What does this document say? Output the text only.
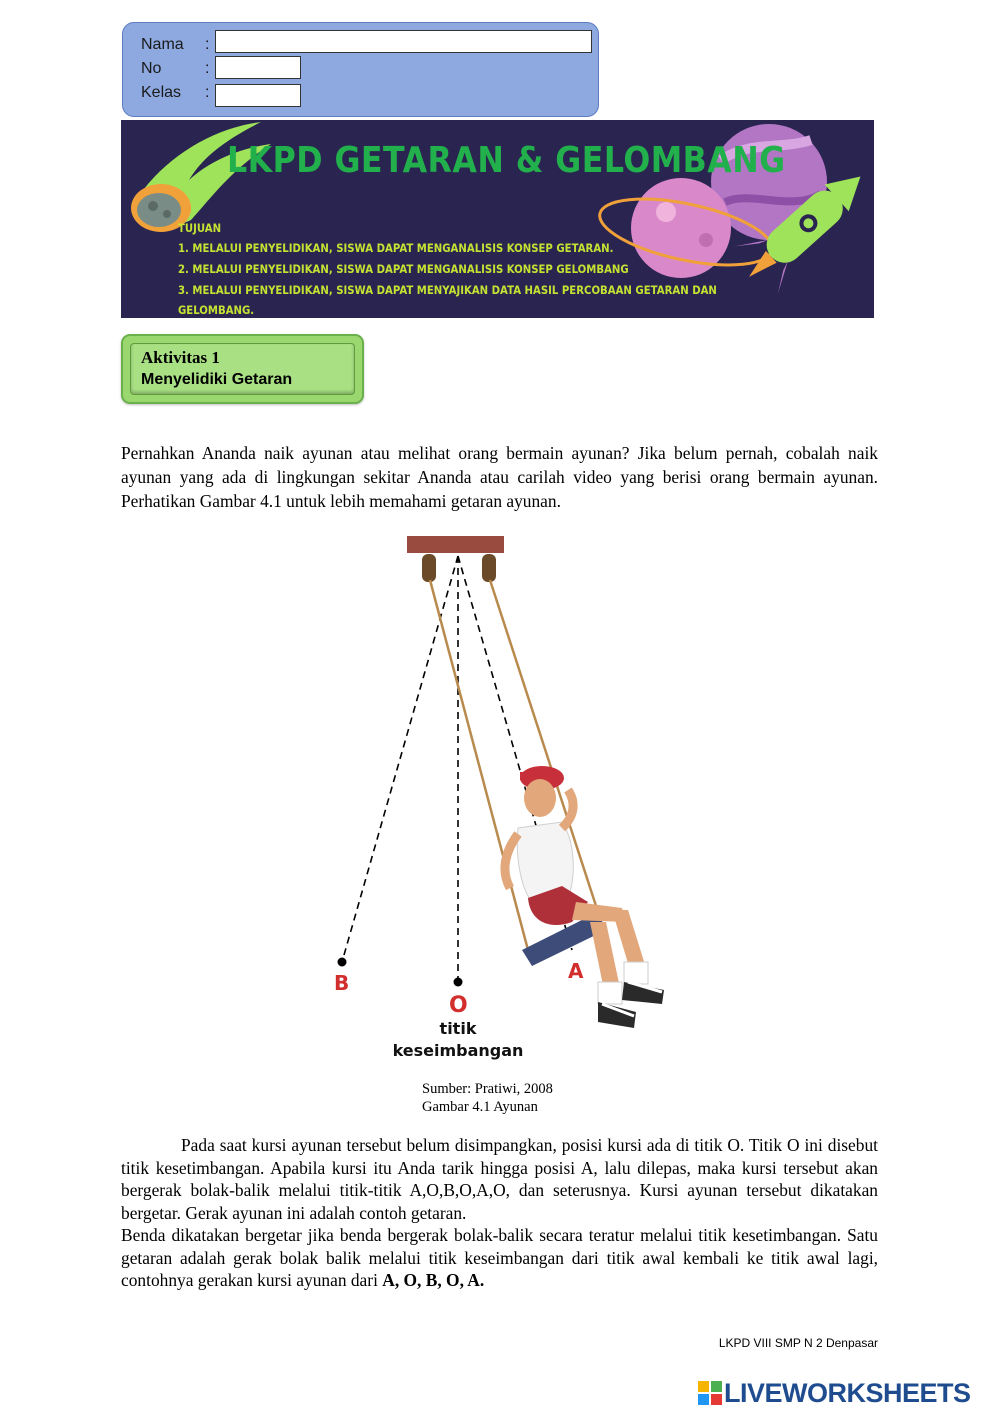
Nama :
No	:
Kelas :
LKPD GETARAN & GELOMBANG
TUJUAN
1. MELALUI PENYELIDIKAN, SISWA DAPAT MENGANALISIS KONSEP GETARAN.
2. MELALUI PENYELIDIKAN, SISWA DAPAT MENGANALISIS KONSEP GELOMBANG
3. MELALUI PENYELIDIKAN, SISWA DAPAT MENYAJIKAN DATA HASIL PERCOBAAN GETARAN DAN
GELOMBANG.
Aktivitas 1
Menyelidiki Getaran
Pernahkan Ananda naik ayunan atau melihat orang bermain ayunan? Jika belum pernah, cobalah naik ayunan yang ada di lingkungan sekitar Ananda atau carilah video yang berisi orang bermain ayunan. Perhatikan Gambar 4.1 untuk lebih memahami getaran ayunan.
B
O
A
titik
keseimbangan
Sumber: Pratiwi, 2008
Gambar 4.1 Ayunan
Pada saat kursi ayunan tersebut belum disimpangkan, posisi kursi ada di titik O. Titik O ini disebut titik kesetimbangan. Apabila kursi itu Anda tarik hingga posisi A, lalu dilepas, maka kursi tersebut akan bergerak bolak-balik melalui titik-titik A,O,B,O,A,O, dan seterusnya. Kursi ayunan tersebut dikatakan bergetar. Gerak ayunan ini adalah contoh getaran.
Benda dikatakan bergetar jika benda bergerak bolak-balik secara teratur melalui titik kesetimbangan. Satu getaran adalah gerak bolak balik melalui titik keseimbangan dari titik awal kembali ke titik awal lagi, contohnya gerakan kursi ayunan dari A, O, B, O, A.
LKPD VIII SMP N 2 Denpasar
LIVEWORKSHEETS
